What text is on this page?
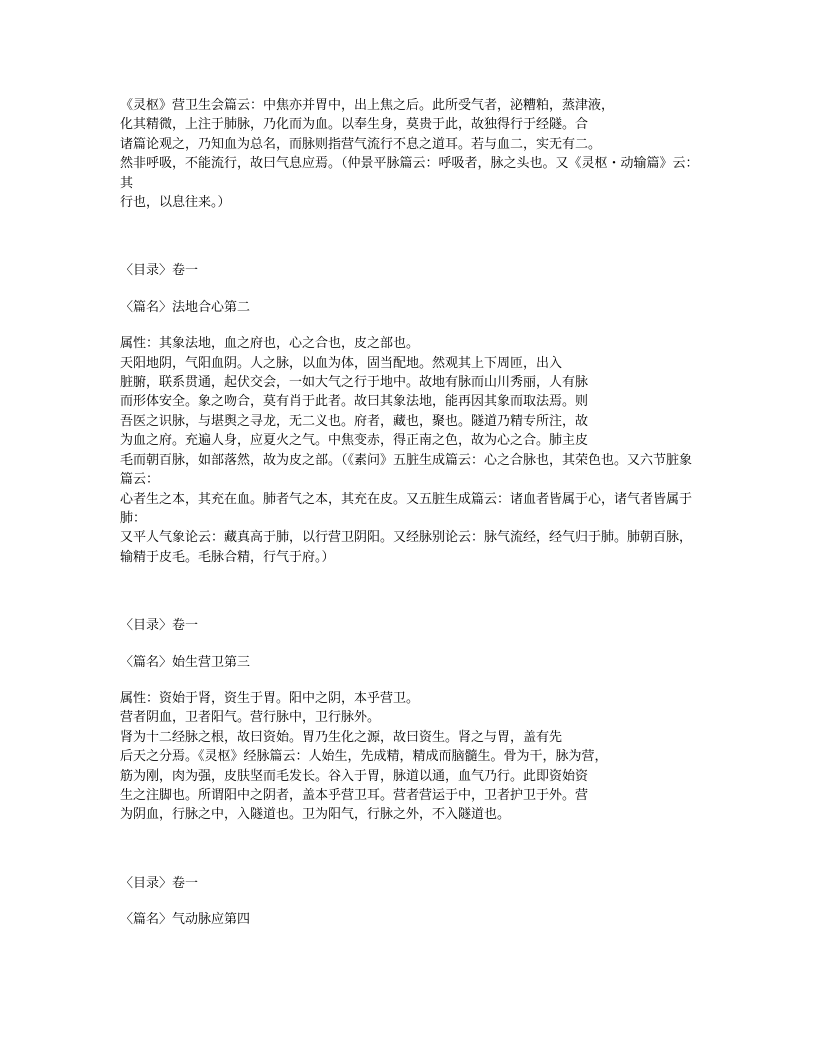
《灵枢》营卫生会篇云：中焦亦并胃中，出上焦之后。此所受气者，泌糟粕，蒸津液，
化其精微，上注于肺脉，乃化而为血。以奉生身，莫贵于此，故独得行于经隧。合
诸篇论观之，乃知血为总名，而脉则指营气流行不息之道耳。若与血二，实无有二。
然非呼吸，不能流行，故曰气息应焉。（仲景平脉篇云：呼吸者，脉之头也。又《灵枢・动输篇》云：其
行也，以息往来。）

〈目录〉卷一

〈篇名〉法地合心第二

属性：其象法地，血之府也，心之合也，皮之部也。
天阳地阴，气阳血阴。人之脉，以血为体，固当配地。然观其上下周匝，出入
脏腑，联系贯通，起伏交会，一如大气之行于地中。故地有脉而山川秀丽，人有脉
而形体安全。象之吻合，莫有肖于此者。故曰其象法地，能再因其象而取法焉。则
吾医之识脉，与堪舆之寻龙，无二义也。府者，藏也，聚也。隧道乃精专所注，故
为血之府。充遍人身，应夏火之气。中焦变赤，得正南之色，故为心之合。肺主皮
毛而朝百脉，如部落然，故为皮之部。（《素问》五脏生成篇云：心之合脉也，其荣色也。又六节脏象篇云：
心者生之本，其充在血。肺者气之本，其充在皮。又五脏生成篇云：诸血者皆属于心，诸气者皆属于肺：
又平人气象论云：藏真高于肺，以行营卫阴阳。又经脉别论云：脉气流经，经气归于肺。肺朝百脉，
输精于皮毛。毛脉合精，行气于府。）

〈目录〉卷一

〈篇名〉始生营卫第三

属性：资始于肾，资生于胃。阳中之阴，本乎营卫。
营者阴血，卫者阳气。营行脉中，卫行脉外。
肾为十二经脉之根，故曰资始。胃乃生化之源，故曰资生。肾之与胃，盖有先
后天之分焉。《灵枢》经脉篇云：人始生，先成精，精成而脑髓生。骨为干，脉为营，
筋为刚，肉为强，皮肤坚而毛发长。谷入于胃，脉道以通，血气乃行。此即资始资
生之注脚也。所谓阳中之阴者，盖本乎营卫耳。营者营运于中，卫者护卫于外。营
为阴血，行脉之中，入隧道也。卫为阳气，行脉之外，不入隧道也。

〈目录〉卷一

〈篇名〉气动脉应第四
